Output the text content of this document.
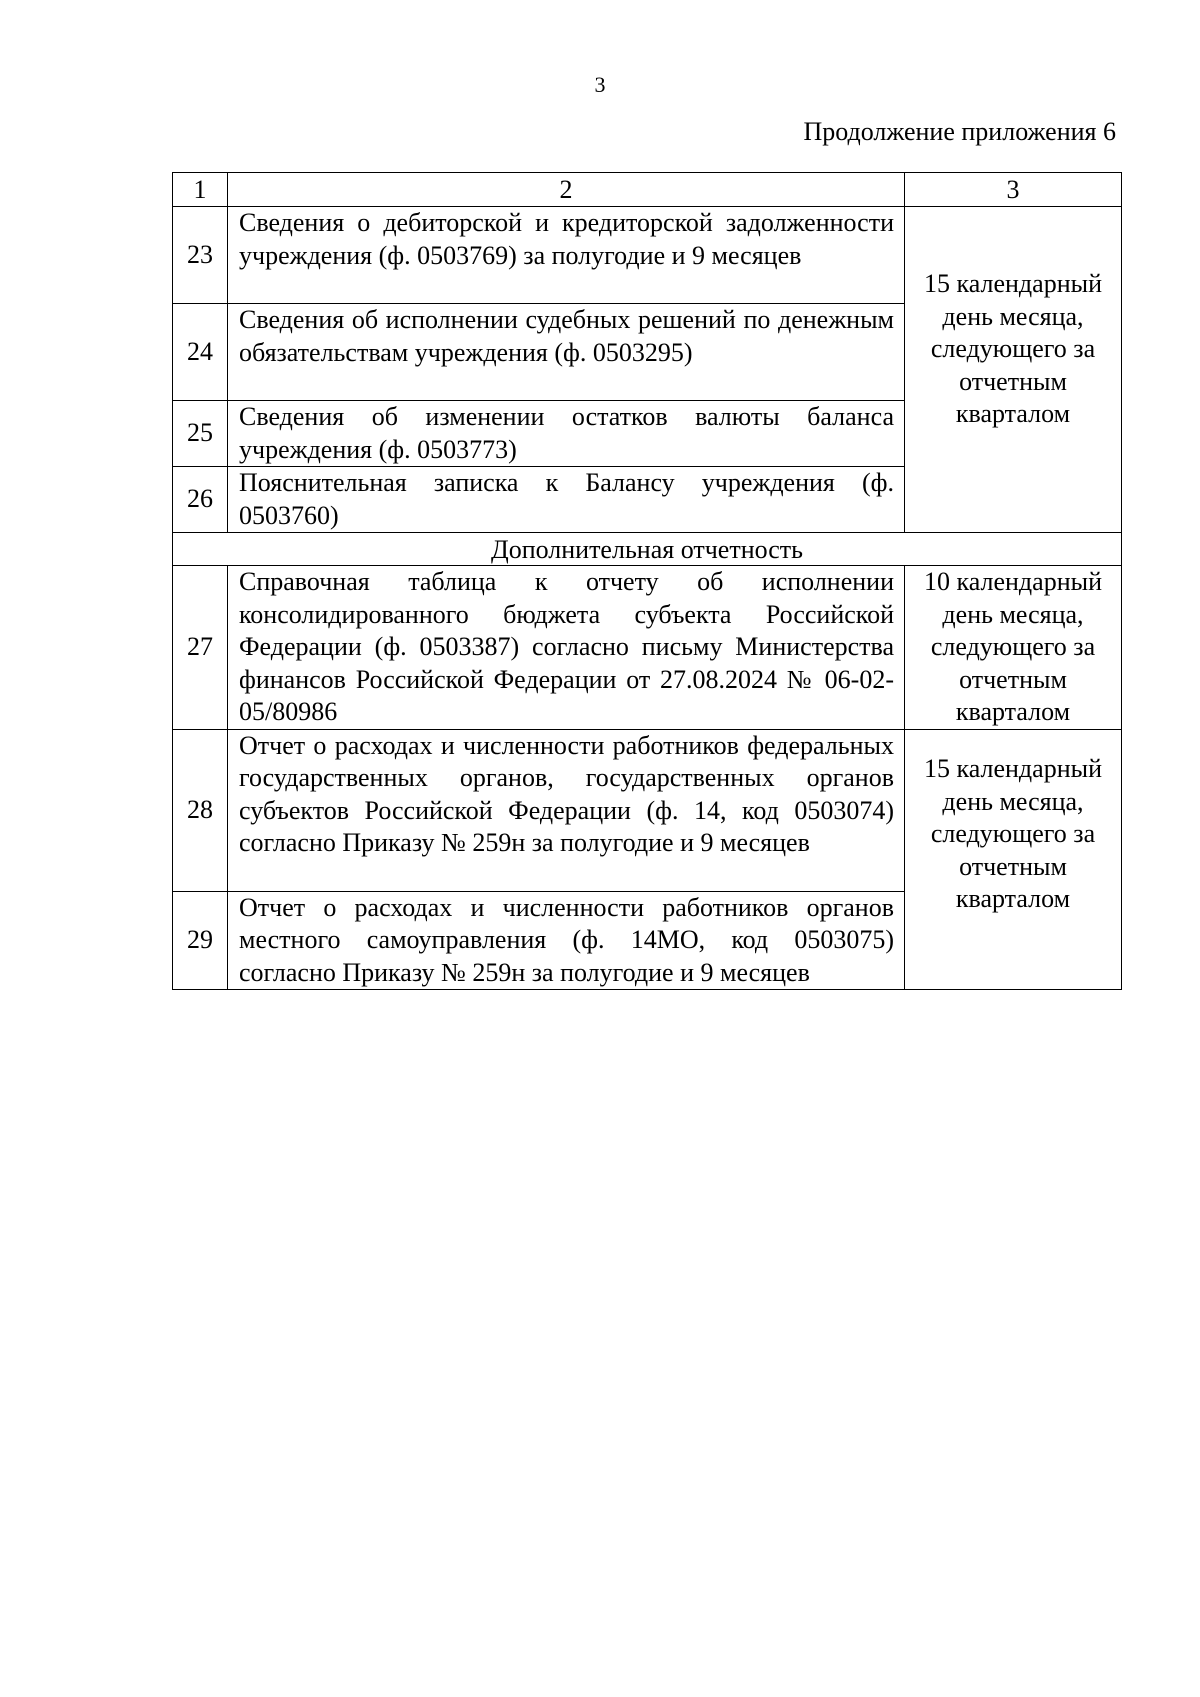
3
Продолжение приложения 6
1	2	3
23	Сведения о дебиторской и кредиторской задолженности учреждения (ф. 0503769) за полугодие и 9 месяцев	15 календарный день месяца, следующего за отчетным кварталом
24	Сведения об исполнении судебных решений по денежным обязательствам учреждения (ф. 0503295)	
25	Сведения об изменении остатков валюты баланса учреждения (ф. 0503773)	
26	Пояснительная записка к Балансу учреждения (ф. 0503760)	
Дополнительная отчетность		
27	Справочная таблица к отчету об исполнении консолидированного бюджета субъекта Российской Федерации (ф. 0503387) согласно письму Министерства финансов Российской Федерации от 27.08.2024 № 06-02-05/80986	10 календарный день месяца, следующего за отчетным кварталом
28	Отчет о расходах и численности работников федеральных государственных органов, государственных органов субъектов Российской Федерации (ф. 14, код 0503074) согласно Приказу № 259н за полугодие и 9 месяцев	15 календарный день месяца, следующего за отчетным кварталом
29	Отчет о расходах и численности работников органов местного самоуправления (ф. 14МО, код 0503075) согласно Приказу № 259н за полугодие и 9 месяцев	
